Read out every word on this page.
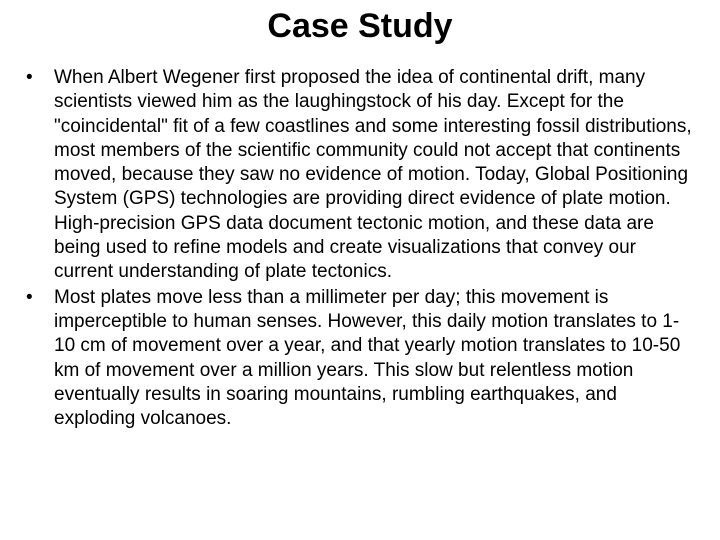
Case Study
• When Albert Wegener first proposed the idea of continental drift, many scientists viewed him as the laughingstock of his day. Except for the "coincidental" fit of a few coastlines and some interesting fossil distributions, most members of the scientific community could not accept that continents moved, because they saw no evidence of motion. Today, Global Positioning System (GPS) technologies are providing direct evidence of plate motion. High-precision GPS data document tectonic motion, and these data are being used to refine models and create visualizations that convey our current understanding of plate tectonics.
• Most plates move less than a millimeter per day; this movement is imperceptible to human senses. However, this daily motion translates to 1-10 cm of movement over a year, and that yearly motion translates to 10-50 km of movement over a million years. This slow but relentless motion eventually results in soaring mountains, rumbling earthquakes, and exploding volcanoes.
